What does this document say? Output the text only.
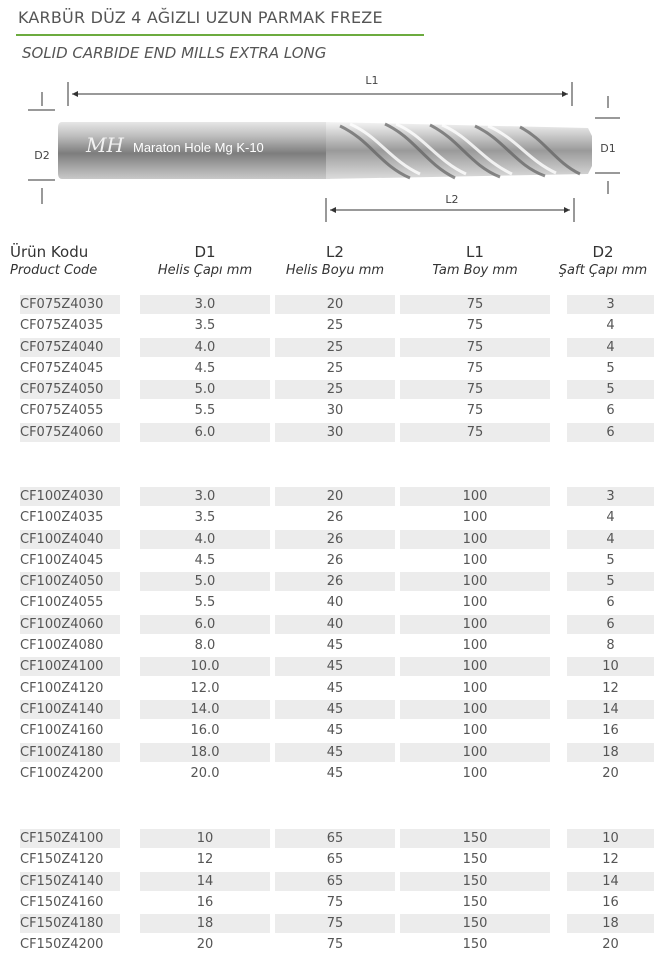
KARBÜR DÜZ 4 AĞIZLI UZUN PARMAK FREZE
SOLID CARBIDE END MILLS EXTRA LONG
L1
D2
D1
MH Maraton Hole Mg K-10
L2
Ürün Kodu
Product Code
D1
Helis Çapı mm
L2
Helis Boyu mm
L1
Tam Boy mm
D2
Şaft Çapı mm
CF075Z4030	3.0	20	75	3
CF075Z4035	3.5	25	75	4
CF075Z4040	4.0	25	75	4
CF075Z4045	4.5	25	75	5
CF075Z4050	5.0	25	75	5
CF075Z4055	5.5	30	75	6
CF075Z4060	6.0	30	75	6
CF100Z4030	3.0	20	100	3
CF100Z4035	3.5	26	100	4
CF100Z4040	4.0	26	100	4
CF100Z4045	4.5	26	100	5
CF100Z4050	5.0	26	100	5
CF100Z4055	5.5	40	100	6
CF100Z4060	6.0	40	100	6
CF100Z4080	8.0	45	100	8
CF100Z4100	10.0	45	100	10
CF100Z4120	12.0	45	100	12
CF100Z4140	14.0	45	100	14
CF100Z4160	16.0	45	100	16
CF100Z4180	18.0	45	100	18
CF100Z4200	20.0	45	100	20
CF150Z4100	10	65	150	10
CF150Z4120	12	65	150	12
CF150Z4140	14	65	150	14
CF150Z4160	16	75	150	16
CF150Z4180	18	75	150	18
CF150Z4200	20	75	150	20
